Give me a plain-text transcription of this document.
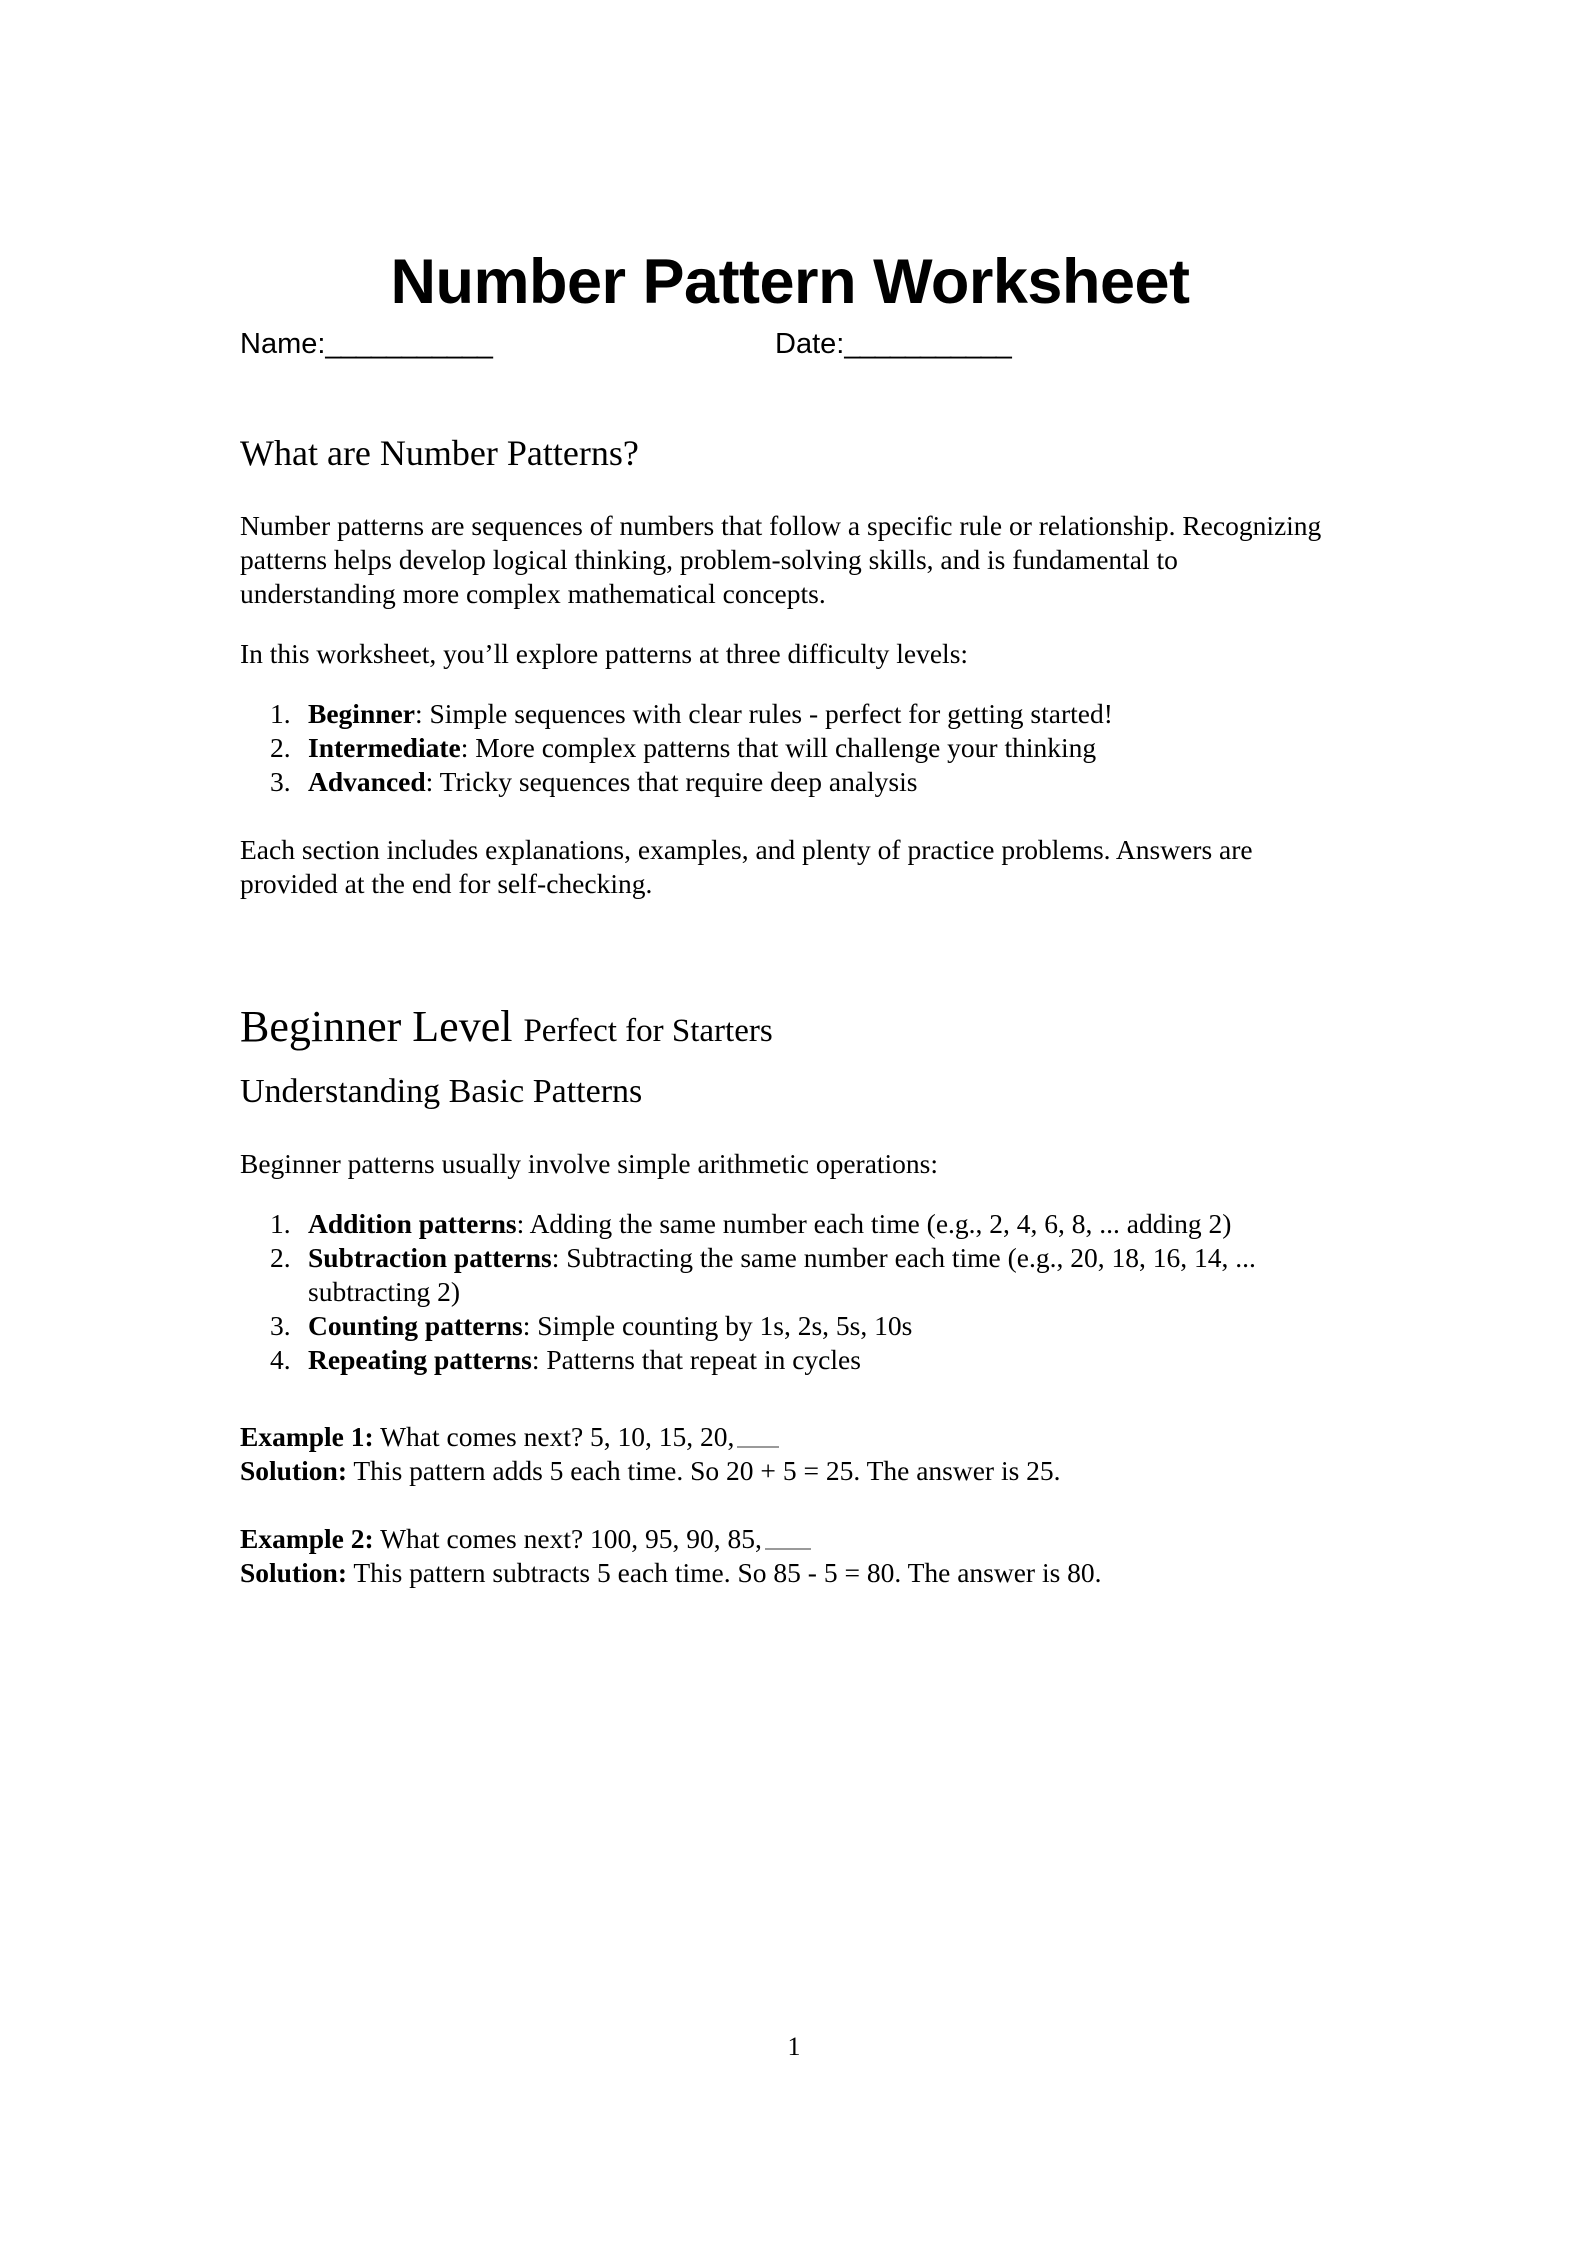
Number Pattern Worksheet
Name:___________	Date:___________
What are Number Patterns?

Number patterns are sequences of numbers that follow a specific rule or relationship. Recognizing patterns helps develop logical thinking, problem-solving skills, and is fundamental to understanding more complex mathematical concepts.

In this worksheet, you’ll explore patterns at three difficulty levels:

1. Beginner: Simple sequences with clear rules - perfect for getting started!
2. Intermediate: More complex patterns that will challenge your thinking
3. Advanced: Tricky sequences that require deep analysis

Each section includes explanations, examples, and plenty of practice problems. Answers are provided at the end for self-checking.

Beginner Level Perfect for Starters
Understanding Basic Patterns

Beginner patterns usually involve simple arithmetic operations:

1. Addition patterns: Adding the same number each time (e.g., 2, 4, 6, 8, ... adding 2)
2. Subtraction patterns: Subtracting the same number each time (e.g., 20, 18, 16, 14, ... subtracting 2)
3. Counting patterns: Simple counting by 1s, 2s, 5s, 10s
4. Repeating patterns: Patterns that repeat in cycles
Example 1: What comes next? 5, 10, 15, 20,
Solution: This pattern adds 5 each time. So 20 + 5 = 25. The answer is 25.
Example 2: What comes next? 100, 95, 90, 85,
Solution: This pattern subtracts 5 each time. So 85 - 5 = 80. The answer is 80.
1
